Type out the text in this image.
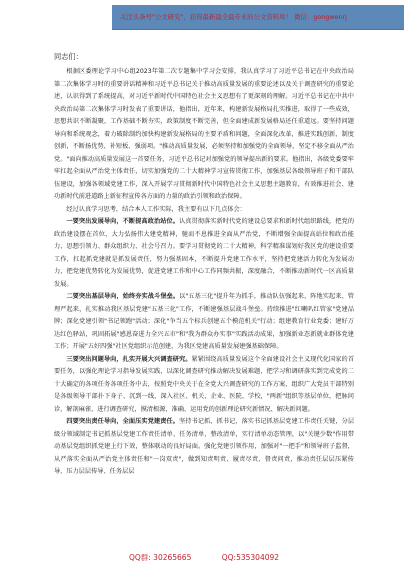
关注头条号"公文研究"，获得最新最全最专业的公文资料库！ 微信：gongwenrj
同志们：

根据区委理论学习中心组2023年第二次专题集中学习会安排，我认真学习了习近平总书记在中央政治局第二次集体学习时的重要讲话精神和习近平总书记关于推动高质量发展的重要论述以及关于调查研究的重要论述，认识得到了系统提高，对习近平新时代中国特色社会主义思想有了更深刻的理解。习近平总书记在中共中央政治局第二次集体学习时发表了重要讲话，他指出，近年来，构建新发展格局扎实推进，取得了一些成效，思想共识不断凝聚，工作基础不断夯实，政策制度不断完善，但全面建成新发展格局还任重道远。要坚持问题导向和系统观念，着力破除制约加快构建新发展格局的主要矛盾和问题，全面深化改革，推进实践创新、制度创新，不断扬优势、补短板、强弱项。"推动高质量发展，必须坚持和加强党的全面领导，坚定不移全面从严治党。"面向推动高质量发展这一首要任务，习近平总书记对加强党的领导提出新的要求。他指出，各级党委要牢牢扛起全面从严治党主体责任，切实加强党的二十大精神学习宣传贯彻工作，加强基层各级领导班子和干部队伍建设，加强各领域党建工作，深入开展学习贯彻新时代中国特色社会主义思想主题教育，有效推进社会、建功新时代前进道路上新征程宣传各方面的力量的政治引领和政治保障。

经过认真学习思考，结合本人工作实际，我主要有以下几点体会：

一要突出发展导向，不断提高政治站位。认真贯彻落实新时代党的建设总要求和新时代组织路线，把党的政治建设摆在首位，大力弘扬伟大建党精神，驰而不息推进全面从严治党，不断增强全面提高站位和政治能力，思想引领力、群众组织力、社会号召力。要学习贯彻党的二十大精神，科学精准谋划好我区党的建设重要工作，扛起抓党建就是抓发展责任，努力强基固本，不断提升党建工作水平，坚持把党建活力转化为发展动力，把党建优势转化为发展优势，促进党建工作和中心工作同频共振，深度融合，不断推动新时代一区高质量发展。

二要突出基层导向，始终夯实战斗堡垒。以"五基三化"提升年为抓手，推动队伍强起来、阵地实起来、管理严起来，扎实推动我区基层党建"五基三化"工作，不断建强基层战斗堡垒。持续推进"红喇叭红管家"党建品牌；深化党建引领"书记领跑"活动；深化"争当五个标兵创建五个模范机关"行动；组建教育行业党委；建好万达红色驿站，巩固拓展"感恩奋进力全兴五市"和"我为群众办实事"实践活动成果，加强新业态新就业群体党建工作；开展"五好四强"社区党组织示范创建，为我区党建高质量发展建强基础保障。

三要突出问题导向，扎实开展大兴调查研究。紧紧围绕高质量发展这个全面建设社会主义现代化国家的首要任务，以强化理论学习指导发展实践，以深化调查研究推动解决发展难题，把学习和调研落实到完成党的二十大确定的各项任务各项任务中去，按照党中央关于在全党大兴调查研究的工作方案，组织广大党员干部特别是各级领导干部扑下身子、沉到一线，深入社区、机关、企业、医院、学校，"两新"组织等基层单位，把脉问诊，解剖麻雀，进行调查研究，摸清根源，准确、运用党的创新理论研究新情况、解决新问题。

四要突出责任导向，全面压实党建责任。坚持书记抓、抓书记，落实书记抓基层党建工作责任关键，分层级分领域制定书记抓基层党建工作责任清单、任务清单、整改清单，实行清单动态管理，以"关键少数"作用带动基层党组织抓党建上行下效，整体联动的良好局面。强化党建引领作用，加强对"一把手"和领导班子监督，从严落实全面从严治党主体责任和"一岗双责"，做到知责明责、履责尽责、督责问责，推动责任层层压紧传导、压力层层传导、任务层层

QQ群: 30265665	QQ:535304092
